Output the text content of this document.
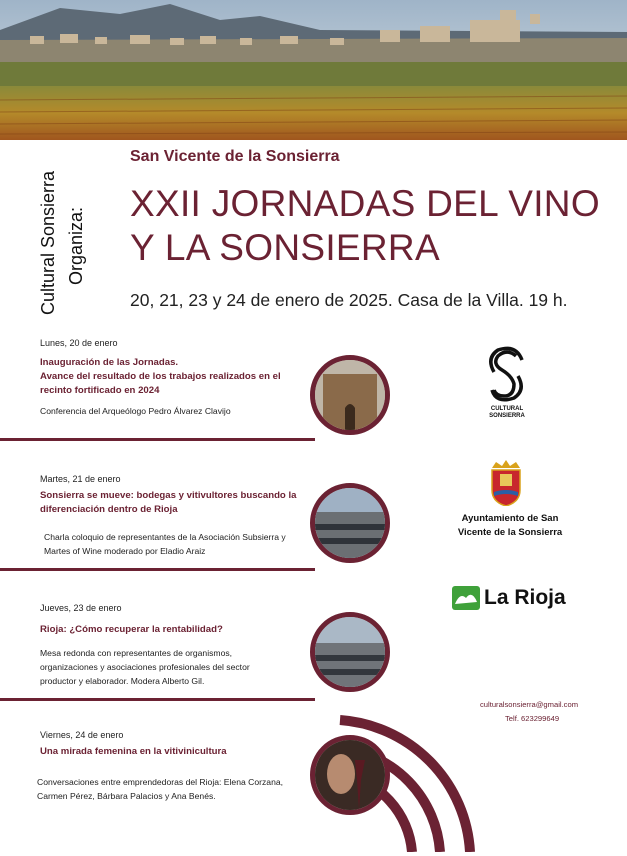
Cultural Sonsierra Organiza:
San Vicente de la Sonsierra
XXII JORNADAS DEL VINO
Y LA SONSIERRA
20, 21, 23 y 24 de enero de 2025. Casa de la Villa. 19 h.
Lunes, 20 de enero
Inauguración de las Jornadas.
Avance del resultado de los trabajos realizados en el
recinto fortificado en 2024
Conferencia del Arqueólogo Pedro Álvarez Clavijo
Martes, 21 de enero
Sonsierra se mueve: bodegas y vitivultores buscando la
diferenciación dentro de Rioja
Charla coloquio de representantes de la Asociación Subsierra y
Martes of Wine moderado por Eladio Araiz
Jueves, 23 de enero
Rioja: ¿Cómo recuperar la rentabilidad?
Mesa redonda con representantes de organismos,
organizaciones y asociaciones profesionales del sector
productor y elaborador. Modera Alberto Gil.
Viernes, 24 de enero
Una mirada femenina en la vitivinicultura
Conversaciones entre emprendedoras del Rioja: Elena Corzana,
Carmen Pérez, Bárbara Palacios y Ana Benés.
CULTURAL
SONSIERRA
Ayuntamiento de San
Vicente de la Sonsierra
La Rioja
culturalsonsierra@gmail.com
Telf. 623299649
